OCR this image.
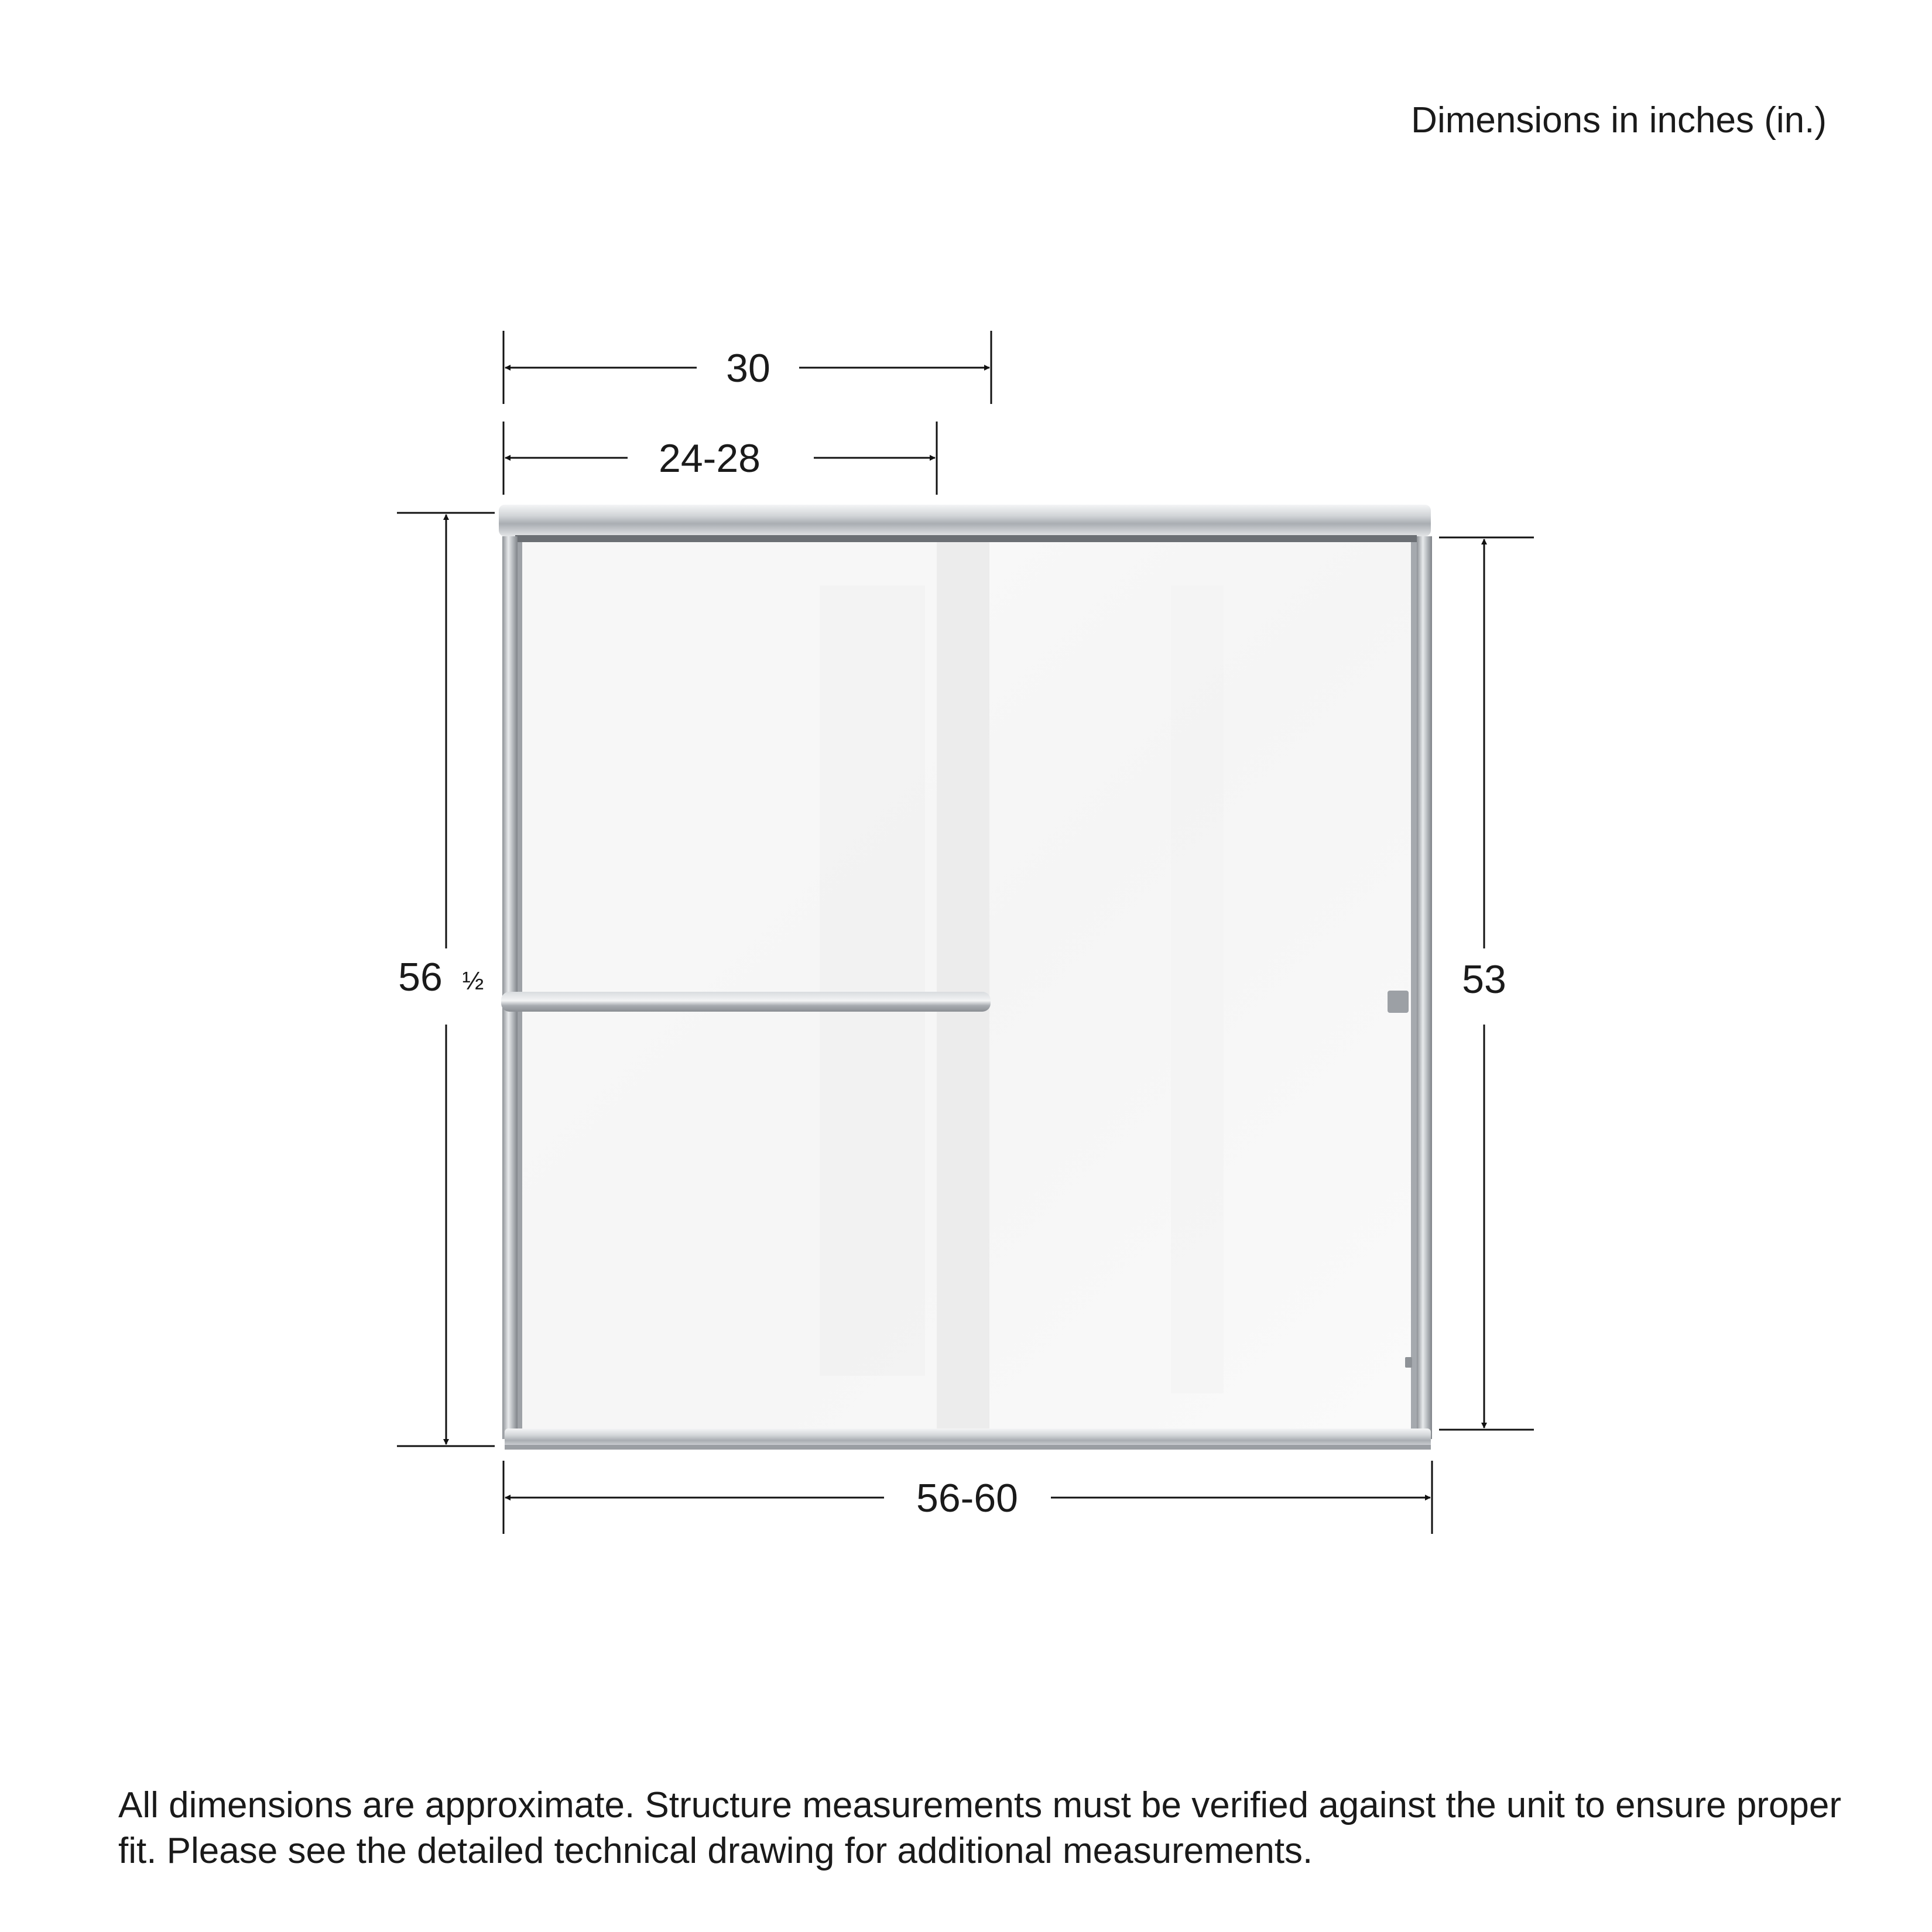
Dimensions in inches (in.)
30
24-28
56 ½	53
56-60
All dimensions are approximate. Structure measurements must be verified against the unit to ensure proper fit. Please see the detailed technical drawing for additional measurements.
